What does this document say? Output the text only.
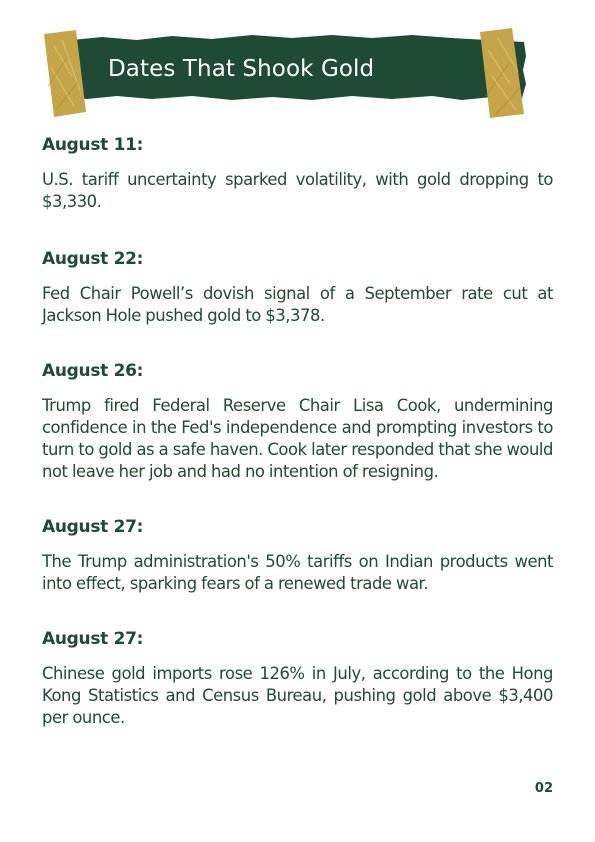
Dates That Shook Gold

August 11:

U.S. tariff uncertainty sparked volatility, with gold dropping to $3,330.

August 22:

Fed Chair Powell’s dovish signal of a September rate cut at Jackson Hole pushed gold to $3,378.

August 26:

Trump fired Federal Reserve Chair Lisa Cook, undermining confidence in the Fed's independence and prompting investors to turn to gold as a safe haven. Cook later responded that she would not leave her job and had no intention of resigning.

August 27:

The Trump administration's 50% tariffs on Indian products went into effect, sparking fears of a renewed trade war.

August 27:

Chinese gold imports rose 126% in July, according to the Hong Kong Statistics and Census Bureau, pushing gold above $3,400 per ounce.

02
